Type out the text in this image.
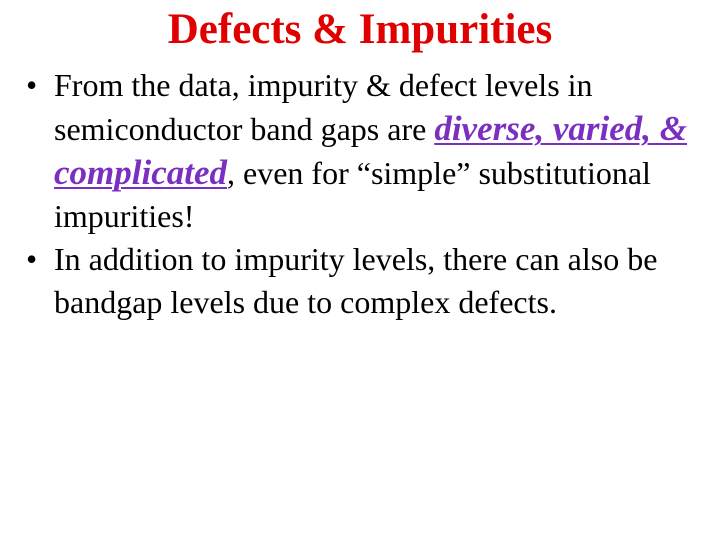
Defects & Impurities
• From the data, impurity & defect levels in semiconductor band gaps are diverse, varied, & complicated, even for “simple” substitutional impurities!
• In addition to impurity levels, there can also be bandgap levels due to complex defects.
